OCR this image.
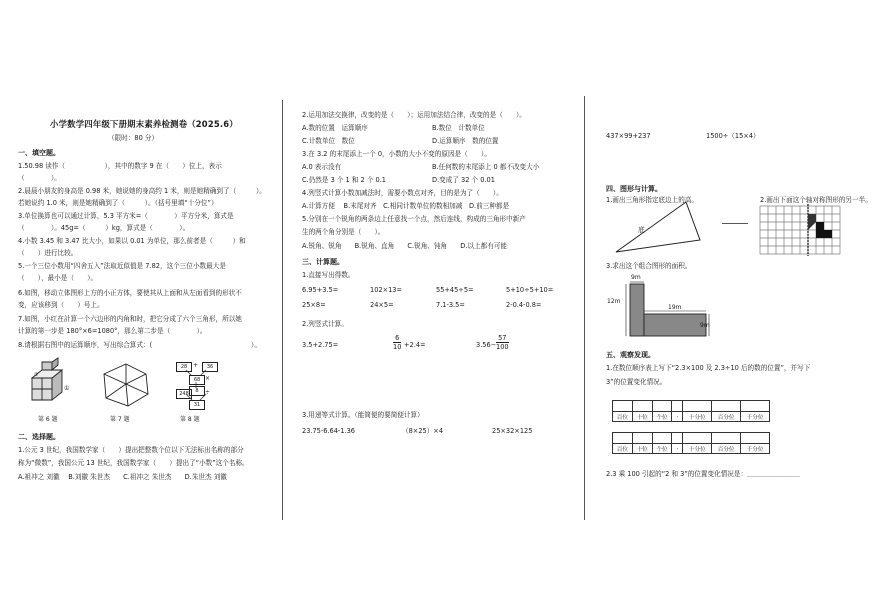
小学数学四年级下册期末素养检测卷（2025.6）
（限时：80 分）
一、填空题。
1.50.98 读作（　　　　　　），其中的数字 9 在（　　）位上，表示
（　　　　）。
2.晨晨小朋友的身高是 0.98 米，她说她的身高约 1 米，则是她精确到了（　　　）。
若她说约 1.0 米，则是她精确到了（　　　）。（括号里填“十分位”）
3.单位换算也可以通过计算，5.3 平方米=（　　　　）平方分米，算式是
（　　　　）。45g=（　　　）kg，算式是（　　　　）。
4.小数 3.45 和 3.47 比大小，如果以 0.01 为单位，那么前者是（　　　）和
（　　）进行比较。
5.一个三位小数用“四舍五入”法取近似值是 7.82，这个三位小数最大是
（　　），最小是（　　）。
6.如图，移动立体图形上方的小正方体，要使其从上面和从左面看到的形状不
变，应该移到（　　）号上。
7.如图，小红在計算一个六边形的内角和时，把它分成了六个三角形，所以她
计算的第一步是 180°×6=1080°，那么第二步是（　　　　）。
8.请根据右图中的运算顺序，写出综合算式：(　　　　　　　　　　　　　　　）。
①
②
第 6 题	第 7 题
28 +	36
68 ×
8
248	÷
31
第 8 题
二、选择题。
1.公元 3 世纪，我国数学家（　　）提出把整数个位以下无法标出名称的部分
称为“微数”，我国公元 13 世纪，我国数学家（　　）提出了“小数”这个名称。
A.祖冲之 刘徽　 B.刘徽 朱世杰　　C.祖冲之 朱世杰　　D.朱世杰 刘徽
2.运用加法交换律，改变的是（　　）；运用加法结合律，改变的是（　　）。
A.数的位置　运算顺序	B.数位　计数单位
C.计数单位　数位	D.运算顺序　数的位置
3.在 3.2 的末尾添上一个 0，小数的大小不变的原因是（　　）。
A.0 表示没有	B.任何数的末尾添上 0 都不改变大小
C.仍然是 3 个 1 和 2 个 0.1	D.变成了 32 个 0.01
4.列竖式计算小数加减法时，需要小数点对齐，目的是为了（　　）。
A.计算方便　 B.末尾对齐　C.相同计数单位的数相加减　D.前三种都是
5.分别在一个锐角的两条边上任意找一个点，然后连线，构成的三角形中新产
生的两个角分别是（　　）。
A.锐角、锐角　　B.锐角、直角　　C.锐角、钝角　　D.以上都有可能
三、计算题。
1.直接写出得数。
6.95+3.5=	102×13=	55+45÷5=	5+10÷5+10=
25×8=	24×5=	7.1-3.5=	2-0.4-0.8=
2.列竖式计算。
3.5+2.75=	$\frac{6}{10} +2.4=$	$3.56- \frac{57}{100}$
3.用递等式计算。（能简便的要简便计算）
23.75-6.64-1.36	（8×25）×4	25×32×125
437×99+237	1500÷（15×4）
四、图形与计算。
1.画出三角形指定底边上的高。	2.画出下面这个轴对称图形的另一半。
底
3.求出这个组合图形的面积。
9m
12m
19m
9m
五、观察发现。
1.在数位顺序表上写下“2.3×100 及 2.3÷10 后的数的位置”，并写下
3”的位置变化情况。

百位	十位	个位	·	十分位	百分位	千分位

百位	十位	个位	·	十分位	百分位	千分位
2.3 乘 100 引起的“2 和 3”的位置变化情况是：＿＿＿＿＿＿＿＿
